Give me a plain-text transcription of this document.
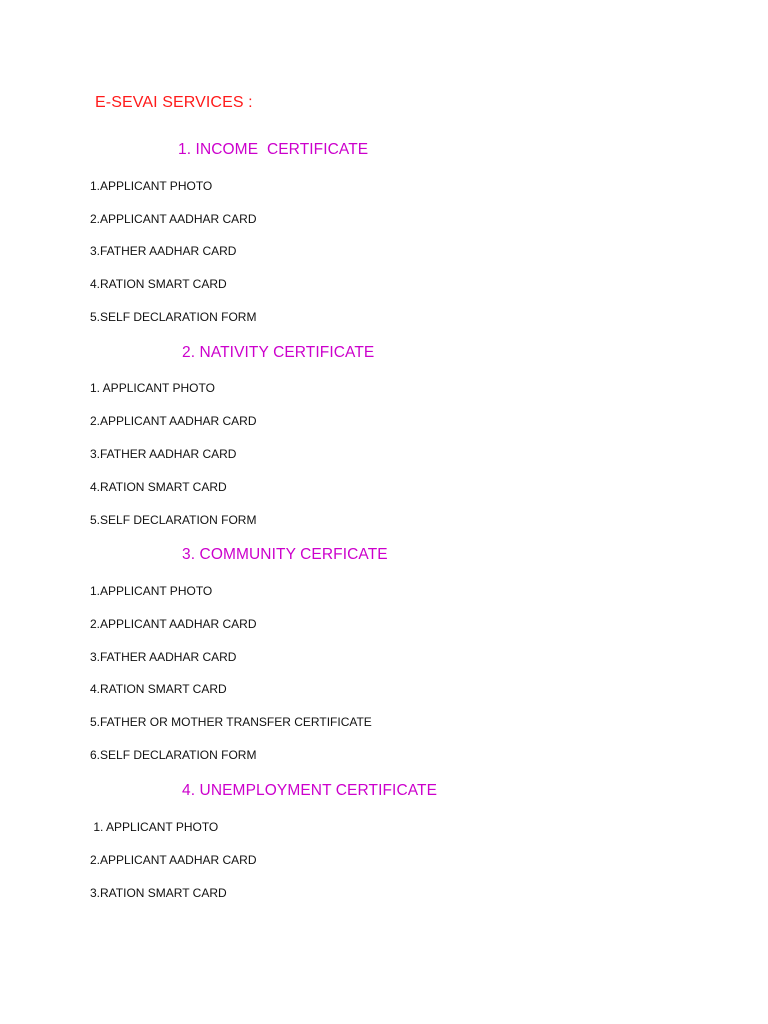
E-SEVAI SERVICES :
1. INCOME  CERTIFICATE
1.APPLICANT PHOTO
2.APPLICANT AADHAR CARD
3.FATHER AADHAR CARD
4.RATION SMART CARD
5.SELF DECLARATION FORM
2. NATIVITY CERTIFICATE
1. APPLICANT PHOTO
2.APPLICANT AADHAR CARD
3.FATHER AADHAR CARD
4.RATION SMART CARD
5.SELF DECLARATION FORM
3. COMMUNITY CERFICATE
1.APPLICANT PHOTO
2.APPLICANT AADHAR CARD
3.FATHER AADHAR CARD
4.RATION SMART CARD
5.FATHER OR MOTHER TRANSFER CERTIFICATE
6.SELF DECLARATION FORM
4. UNEMPLOYMENT CERTIFICATE
1. APPLICANT PHOTO
2.APPLICANT AADHAR CARD
3.RATION SMART CARD
